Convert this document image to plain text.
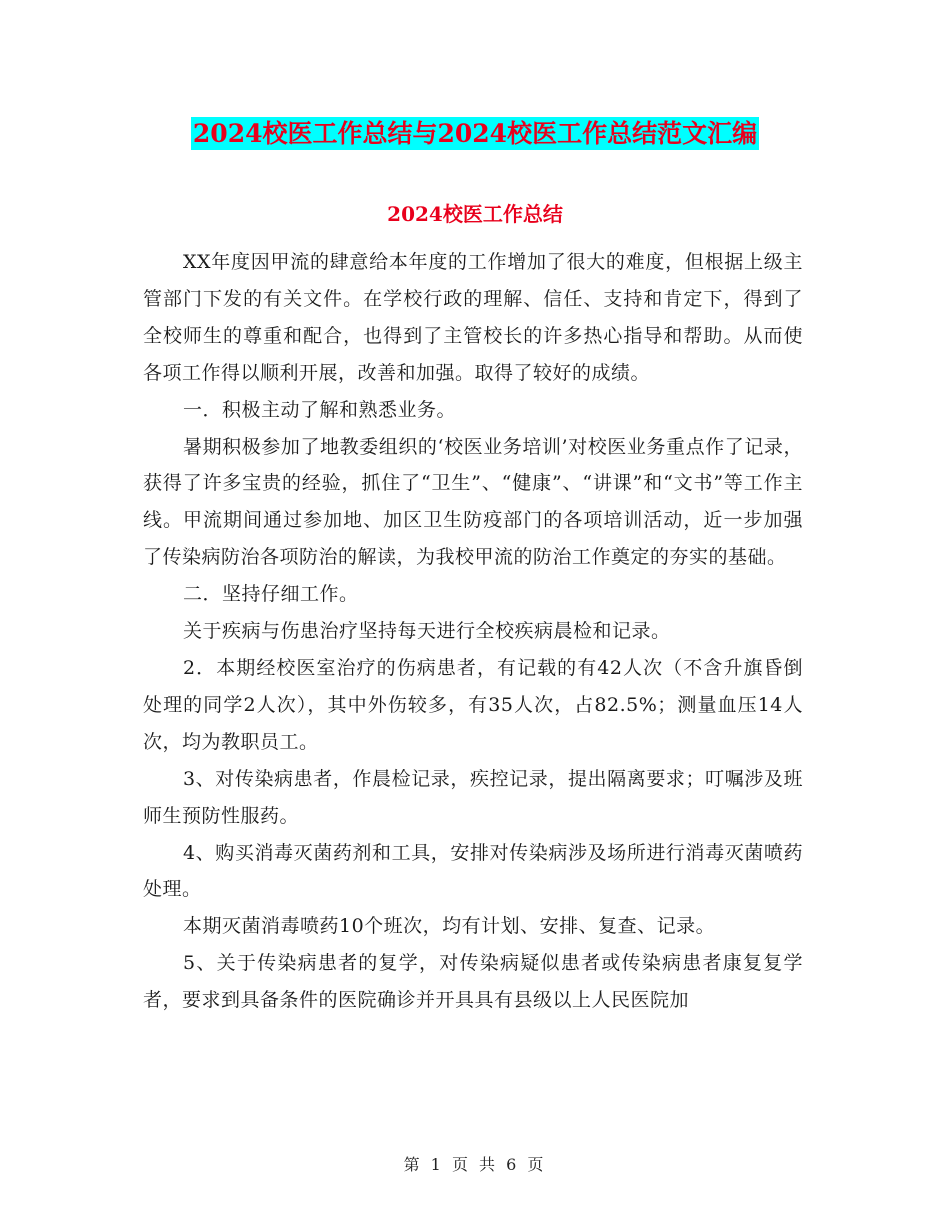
2024校医工作总结与2024校医工作总结范文汇编
2024校医工作总结

XX年度因甲流的肆意给本年度的工作增加了很大的难度，但根据上级主管部门下发的有关文件。在学校行政的理解、信任、支持和肯定下，得到了全校师生的尊重和配合，也得到了主管校长的许多热心指导和帮助。从而使各项工作得以顺利开展，改善和加强。取得了较好的成绩。

一．积极主动了解和熟悉业务。

暑期积极参加了地教委组织的‘校医业务培训’对校医业务重点作了记录，获得了许多宝贵的经验，抓住了“卫生”、“健康”、“讲课”和“文书”等工作主线。甲流期间通过参加地、加区卫生防疫部门的各项培训活动，近一步加强了传染病防治各项防治的解读，为我校甲流的防治工作奠定的夯实的基础。

二．坚持仔细工作。

关于疾病与伤患治疗坚持每天进行全校疾病晨检和记录。

2．本期经校医室治疗的伤病患者，有记载的有42人次（不含升旗昏倒处理的同学2人次），其中外伤较多，有35人次，占82.5%；测量血压14人次，均为教职员工。

3、对传染病患者，作晨检记录，疾控记录，提出隔离要求；叮嘱涉及班师生预防性服药。

4、购买消毒灭菌药剂和工具，安排对传染病涉及场所进行消毒灭菌喷药处理。

本期灭菌消毒喷药10个班次，均有计划、安排、复查、记录。

5、关于传染病患者的复学，对传染病疑似患者或传染病患者康复复学者，要求到具备条件的医院确诊并开具具有县级以上人民医院加

第 1 页 共 6 页
